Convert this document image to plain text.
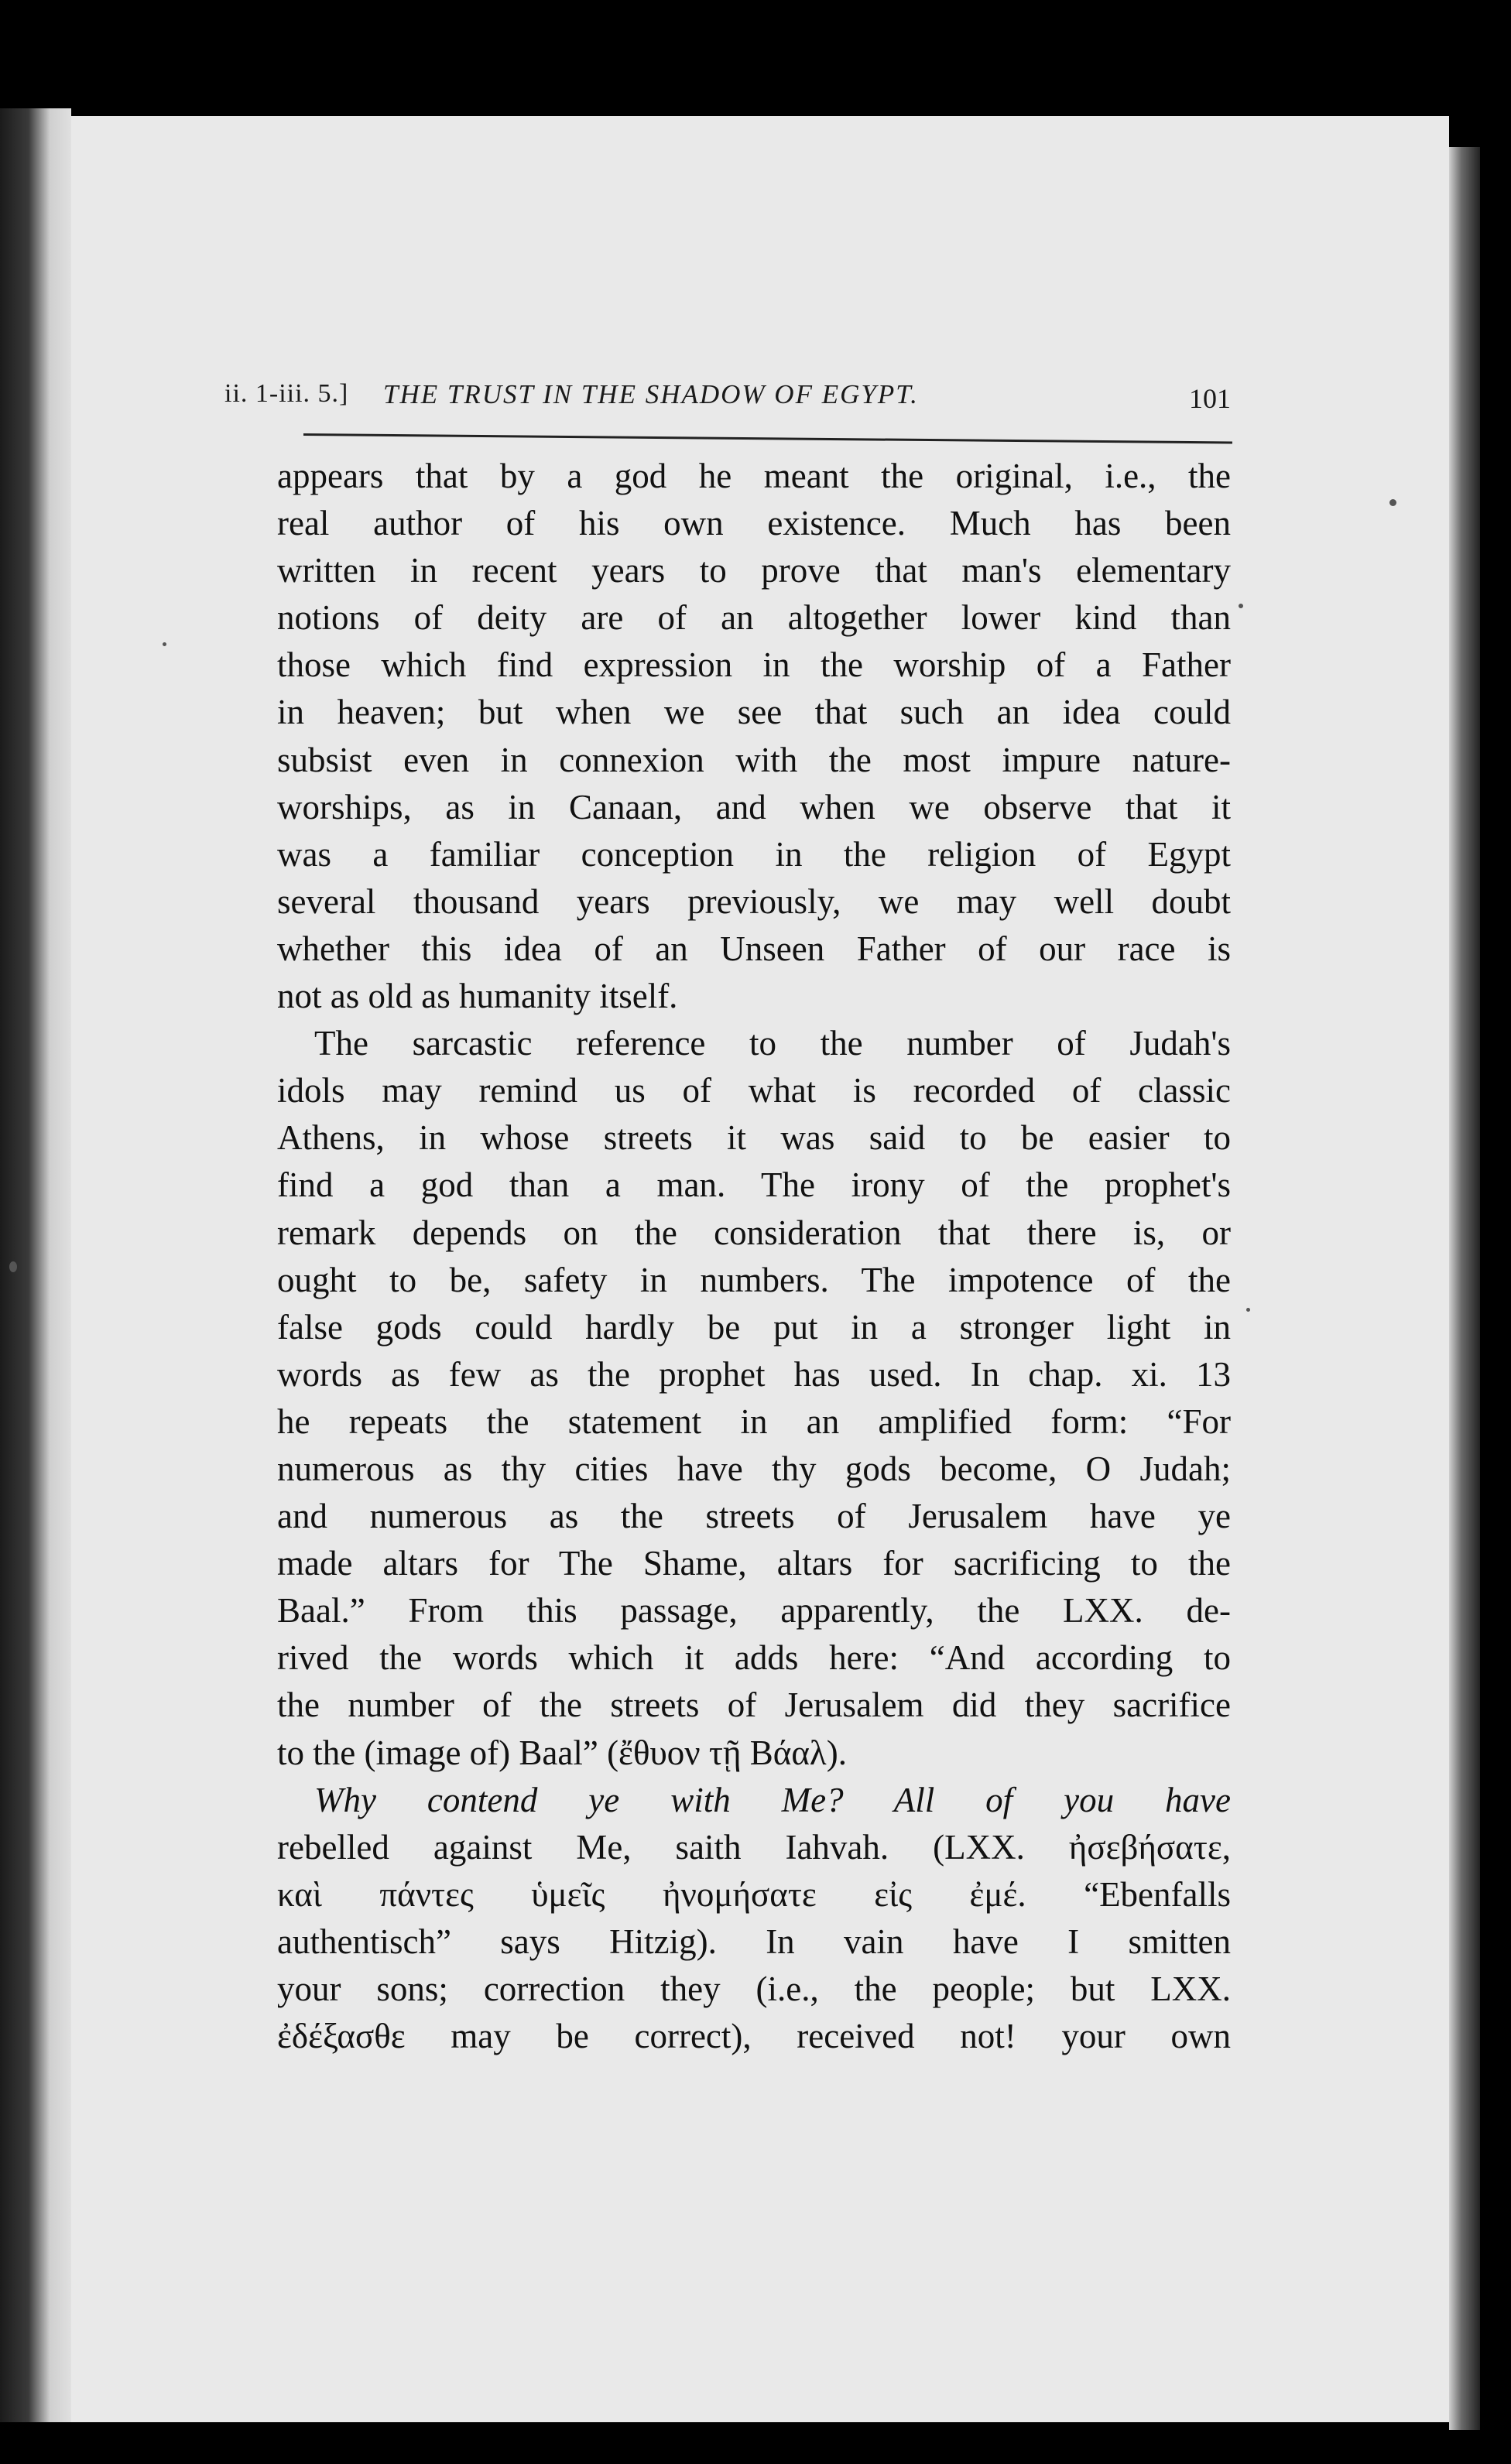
ii. 1-iii. 5.] THE TRUST IN THE SHADOW OF EGYPT.	101
appears that by a god he meant the original, i.e., the
real author of his own existence. Much has been
written in recent years to prove that man's elementary
notions of deity are of an altogether lower kind than
those which find expression in the worship of a Father
in heaven; but when we see that such an idea could
subsist even in connexion with the most impure nature-
worships, as in Canaan, and when we observe that it
was a familiar conception in the religion of Egypt
several thousand years previously, we may well doubt
whether this idea of an Unseen Father of our race is
not as old as humanity itself.
The sarcastic reference to the number of Judah's
idols may remind us of what is recorded of classic
Athens, in whose streets it was said to be easier to
find a god than a man. The irony of the prophet's
remark depends on the consideration that there is, or
ought to be, safety in numbers. The impotence of the
false gods could hardly be put in a stronger light in
words as few as the prophet has used. In chap. xi. 13
he repeats the statement in an amplified form: “For
numerous as thy cities have thy gods become, O Judah;
and numerous as the streets of Jerusalem have ye
made altars for The Shame, altars for sacrificing to the
Baal.” From this passage, apparently, the LXX. de-
rived the words which it adds here: “And according to
the number of the streets of Jerusalem did they sacrifice
to the (image of) Baal” (ἔθυον τῇ Βάαλ).
Why contend ye with Me? All of you have
rebelled against Me, saith Iahvah. (LXX. ἠσεβήσατε,
καὶ πάντες ὑμεῖς ἠνομήσατε εἰς ἐμέ. “Ebenfalls
authentisch” says Hitzig). In vain have I smitten
your sons; correction they (i.e., the people; but LXX.
ἐδέξασθε may be correct), received not! your own
